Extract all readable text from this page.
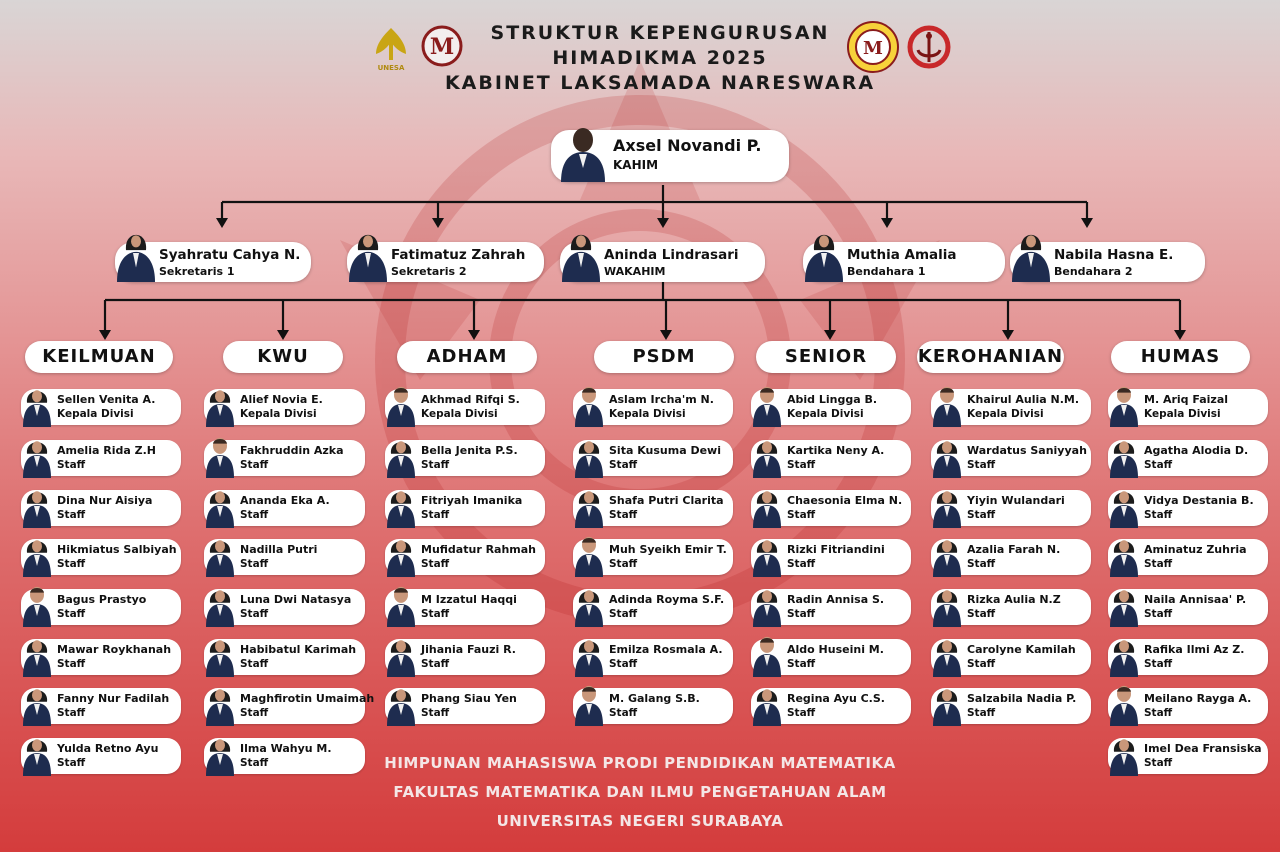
UNESA
M	M
STRUKTUR KEPENGURUSAN
HIMADIKMA 2025
KABINET LAKSAMADA NARESWARA
Axsel Novandi P.
KAHIM
Syahratu Cahya N.
Sekretaris 1
Fatimatuz Zahrah
Sekretaris 2
Aninda Lindrasari
WAKAHIM
Muthia Amalia
Bendahara 1
Nabila Hasna E.
Bendahara 2
KEILMUAN
Sellen Venita A.
Kepala Divisi
Amelia Rida Z.H
Staff
Dina Nur Aisiya
Staff
Hikmiatus Salbiyah
Staff
Bagus Prastyo
Staff
Mawar Roykhanah
Staff
Fanny Nur Fadilah
Staff
Yulda Retno Ayu
Staff
KWU
Alief Novia E.
Kepala Divisi
Fakhruddin Azka
Staff
Ananda Eka A.
Staff
Nadilla Putri
Staff
Luna Dwi Natasya
Staff
Habibatul Karimah
Staff
Maghfirotin Umaimah
Staff
Ilma Wahyu M.
Staff
ADHAM
Akhmad Rifqi S.
Kepala Divisi
Bella Jenita P.S.
Staff
Fitriyah Imanika
Staff
Mufidatur Rahmah
Staff
M Izzatul Haqqi
Staff
Jihania Fauzi R.
Staff
Phang Siau Yen
Staff
PSDM
Aslam Ircha'm N.
Kepala Divisi
Sita Kusuma Dewi
Staff
Shafa Putri Clarita
Staff
Muh Syeikh Emir T.
Staff
Adinda Royma S.F.
Staff
Emilza Rosmala A.
Staff
M. Galang S.B.
Staff
SENIOR
Abid Lingga B.
Kepala Divisi
Kartika Neny A.
Staff
Chaesonia Elma N.
Staff
Rizki Fitriandini
Staff
Radin Annisa S.
Staff
Aldo Huseini M.
Staff
Regina Ayu C.S.
Staff
KEROHANIAN
Khairul Aulia N.M.
Kepala Divisi
Wardatus Saniyyah
Staff
Yiyin Wulandari
Staff
Azalia Farah N.
Staff
Rizka Aulia N.Z
Staff
Carolyne Kamilah
Staff
Salzabila Nadia P.
Staff
HUMAS
M. Ariq Faizal
Kepala Divisi
Agatha Alodia D.
Staff
Vidya Destania B.
Staff
Aminatuz Zuhria
Staff
Naila Annisaa' P.
Staff
Rafika Ilmi Az Z.
Staff
Meilano Rayga A.
Staff
Imel Dea Fransiska
Staff
HIMPUNAN MAHASISWA PRODI PENDIDIKAN MATEMATIKA
FAKULTAS MATEMATIKA DAN ILMU PENGETAHUAN ALAM
UNIVERSITAS NEGERI SURABAYA
